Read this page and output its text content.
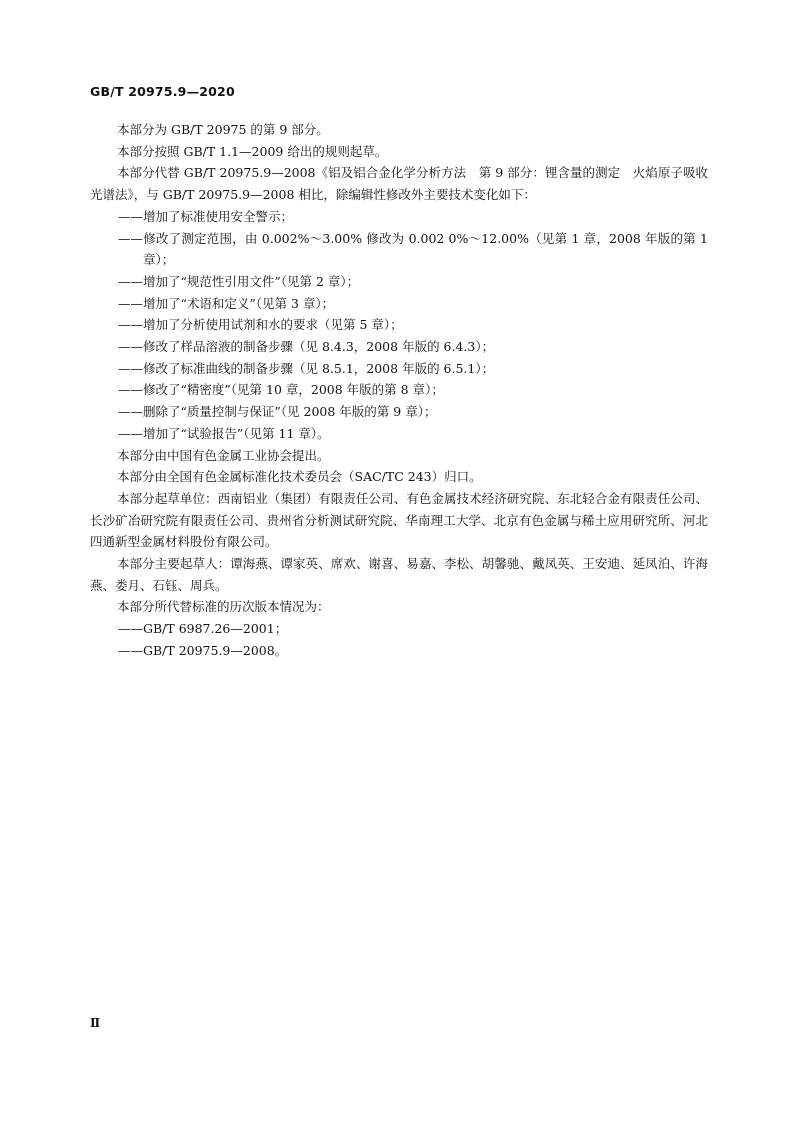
GB/T 20975.9—2020

本部分为 GB/T 20975 的第 9 部分。

本部分按照 GB/T 1.1—2009 给出的规则起草。

本部分代替 GB/T 20975.9—2008《铝及铝合金化学分析方法　第 9 部分：锂含量的测定　火焰原子吸收光谱法》，与 GB/T 20975.9—2008 相比，除编辑性修改外主要技术变化如下：

——增加了标准使用安全警示；

——修改了测定范围，由 0.002%～3.00% 修改为 0.002 0%～12.00%（见第 1 章，2008 年版的第 1 章）；

——增加了“规范性引用文件”（见第 2 章）；

——增加了“术语和定义”（见第 3 章）；

——增加了分析使用试剂和水的要求（见第 5 章）；

——修改了样品溶液的制备步骤（见 8.4.3，2008 年版的 6.4.3）；

——修改了标准曲线的制备步骤（见 8.5.1，2008 年版的 6.5.1）；

——修改了“精密度”（见第 10 章，2008 年版的第 8 章）；

——删除了“质量控制与保证”（见 2008 年版的第 9 章）；

——增加了“试验报告”（见第 11 章）。

本部分由中国有色金属工业协会提出。

本部分由全国有色金属标准化技术委员会（SAC/TC 243）归口。

本部分起草单位：西南铝业（集团）有限责任公司、有色金属技术经济研究院、东北轻合金有限责任公司、长沙矿冶研究院有限责任公司、贵州省分析测试研究院、华南理工大学、北京有色金属与稀土应用研究所、河北四通新型金属材料股份有限公司。

本部分主要起草人：谭海燕、谭家英、席欢、谢喜、易嘉、李松、胡馨驰、戴凤英、王安迪、延凤泊、许海燕、娄月、石钰、周兵。

本部分所代替标准的历次版本情况为：

——GB/T 6987.26—2001；

——GB/T 20975.9—2008。

Ⅱ
